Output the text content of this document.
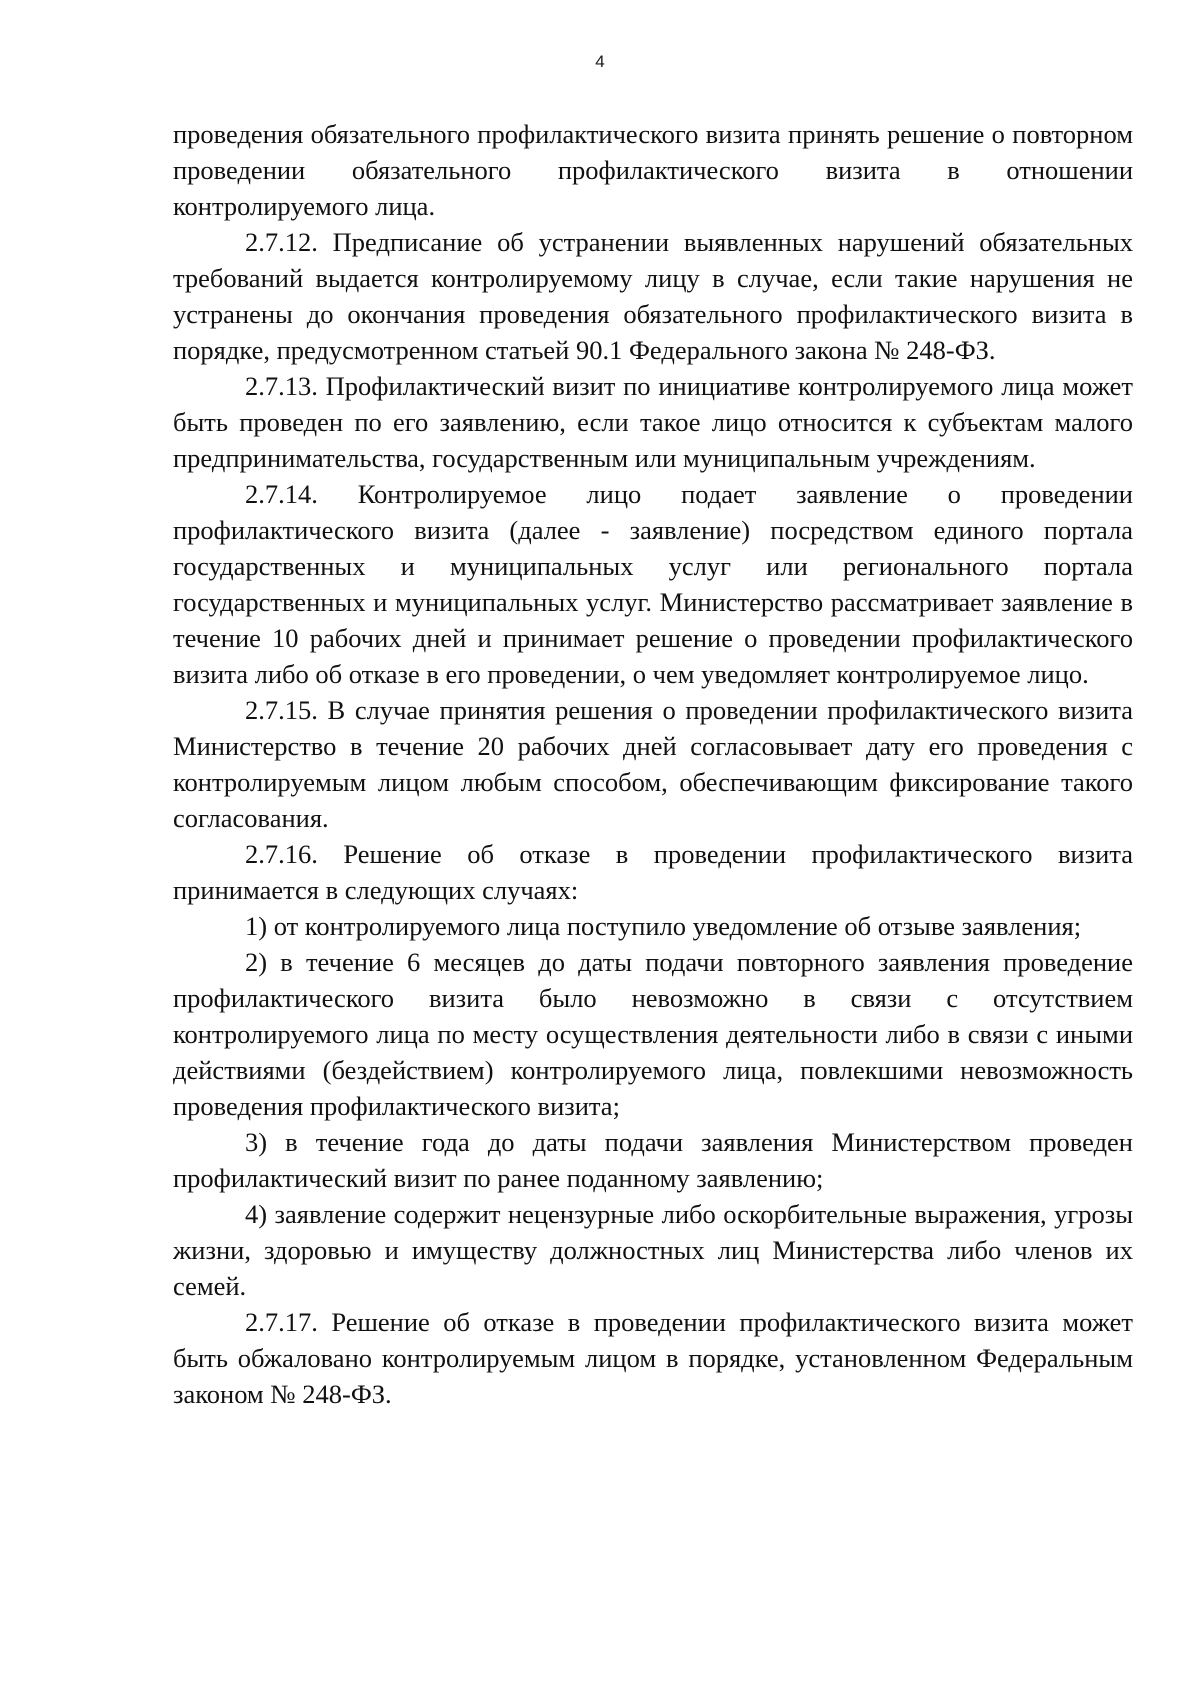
4

проведения обязательного профилактического визита принять решение о повторном проведении обязательного профилактического визита в отношении контролируемого лица.

2.7.12. Предписание об устранении выявленных нарушений обязательных требований выдается контролируемому лицу в случае, если такие нарушения не устранены до окончания проведения обязательного профилактического визита в порядке, предусмотренном статьей 90.1 Федерального закона № 248-ФЗ.

2.7.13. Профилактический визит по инициативе контролируемого лица может быть проведен по его заявлению, если такое лицо относится к субъектам малого предпринимательства, государственным или муниципальным учреждениям.

2.7.14. Контролируемое лицо подает заявление о проведении профилактического визита (далее - заявление) посредством единого портала государственных и муниципальных услуг или регионального портала государственных и муниципальных услуг. Министерство рассматривает заявление в течение 10 рабочих дней и принимает решение о проведении профилактического визита либо об отказе в его проведении, о чем уведомляет контролируемое лицо.

2.7.15. В случае принятия решения о проведении профилактического визита Министерство в течение 20 рабочих дней согласовывает дату его проведения с контролируемым лицом любым способом, обеспечивающим фиксирование такого согласования.

2.7.16. Решение об отказе в проведении профилактического визита принимается в следующих случаях:

1) от контролируемого лица поступило уведомление об отзыве заявления;

2) в течение 6 месяцев до даты подачи повторного заявления проведение профилактического визита было невозможно в связи с отсутствием контролируемого лица по месту осуществления деятельности либо в связи с иными действиями (бездействием) контролируемого лица, повлекшими невозможность проведения профилактического визита;

3) в течение года до даты подачи заявления Министерством проведен профилактический визит по ранее поданному заявлению;

4) заявление содержит нецензурные либо оскорбительные выражения, угрозы жизни, здоровью и имуществу должностных лиц Министерства либо членов их семей.

2.7.17. Решение об отказе в проведении профилактического визита может быть обжаловано контролируемым лицом в порядке, установленном Федеральным законом № 248-ФЗ.
